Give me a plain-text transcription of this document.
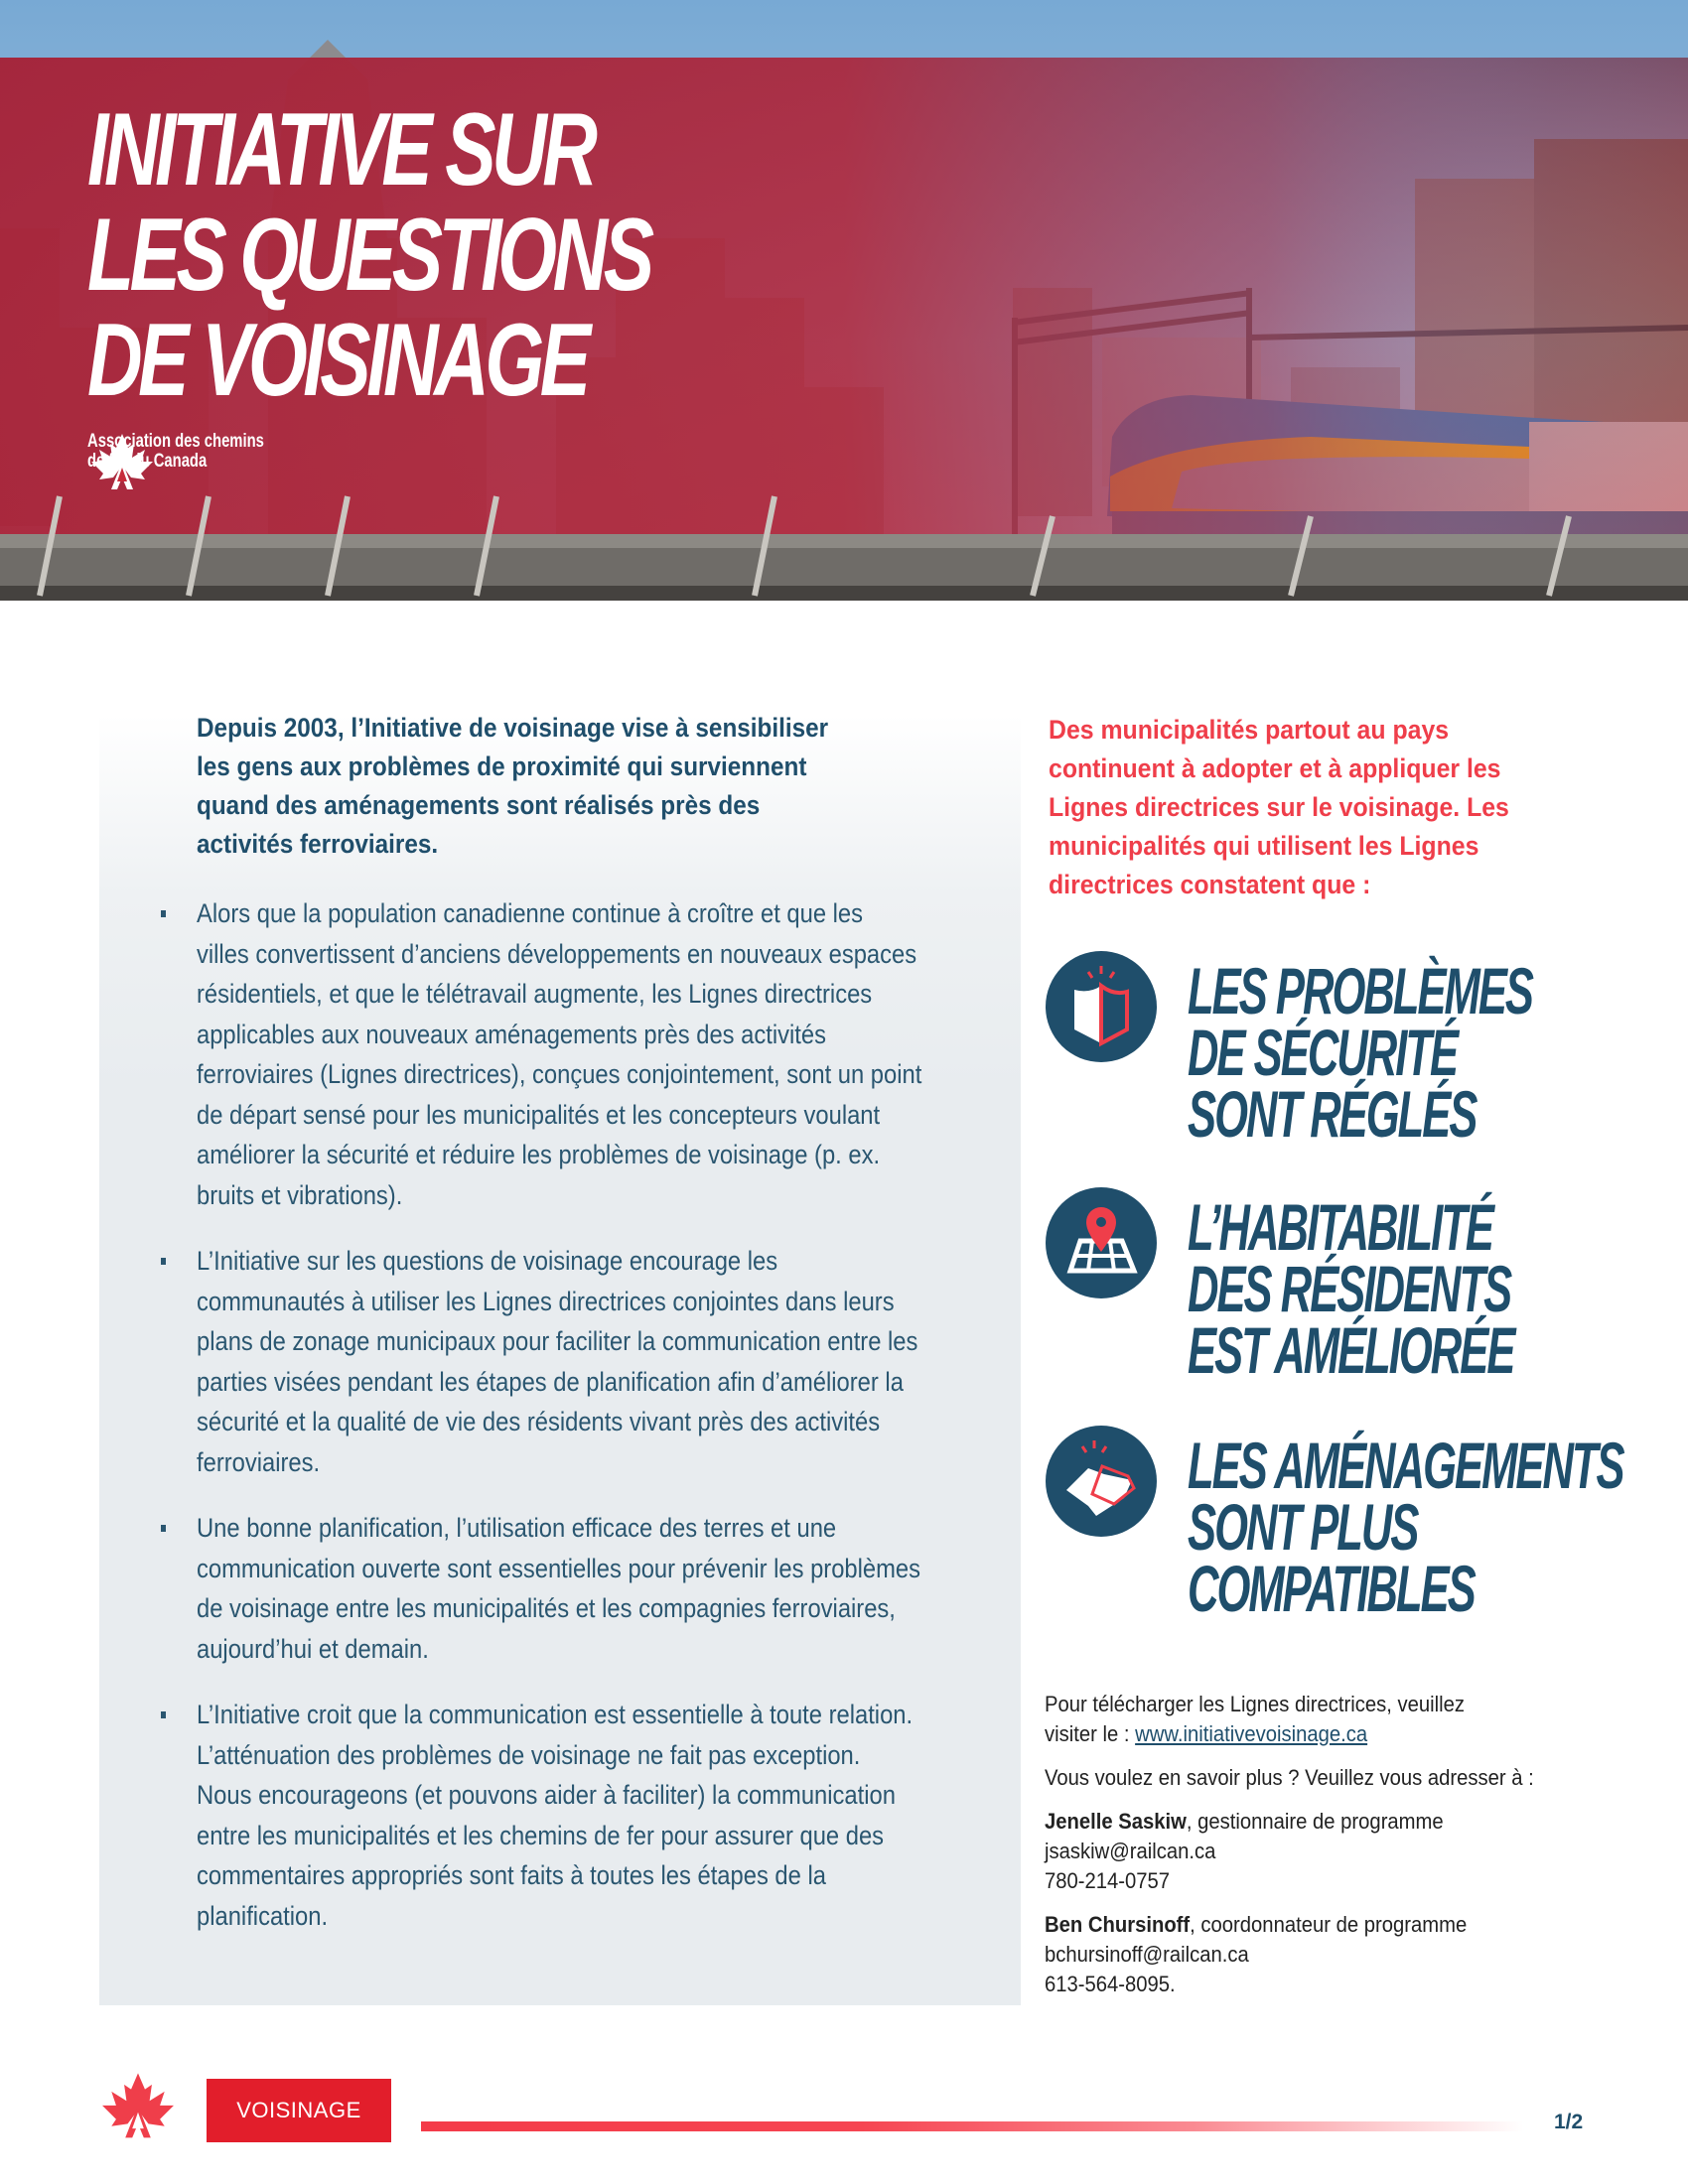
INITIATIVE SUR
LES QUESTIONS
DE VOISINAGE
Association des chemins
de fer du Canada

Depuis 2003, l’Initiative de voisinage vise à sensibiliser les gens aux problèmes de proximité qui surviennent quand des aménagements sont réalisés près des activités ferroviaires.

Alors que la population canadienne continue à croître et que les villes convertissent d’anciens développements en nouveaux espaces résidentiels, et que le télétravail augmente, les Lignes directrices applicables aux nouveaux aménagements près des activités ferroviaires (Lignes directrices), conçues conjointement, sont un point de départ sensé pour les municipalités et les concepteurs voulant améliorer la sécurité et réduire les problèmes de voisinage (p. ex. bruits et vibrations).
L’Initiative sur les questions de voisinage encourage les communautés à utiliser les Lignes directrices conjointes dans leurs plans de zonage municipaux pour faciliter la communication entre les parties visées pendant les étapes de planification afin d’améliorer la sécurité et la qualité de vie des résidents vivant près des activités ferroviaires.
Une bonne planification, l’utilisation efficace des terres et une communication ouverte sont essentielles pour prévenir les problèmes de voisinage entre les municipalités et les compagnies ferroviaires, aujourd’hui et demain.
L’Initiative croit que la communication est essentielle à toute relation. L’atténuation des problèmes de voisinage ne fait pas exception. Nous encourageons (et pouvons aider à faciliter) la communication entre les municipalités et les chemins de fer pour assurer que des commentaires appropriés sont faits à toutes les étapes de la planification.

Des municipalités partout au pays continuent à adopter et à appliquer les Lignes directrices sur le voisinage. Les municipalités qui utilisent les Lignes directrices constatent que :

LES PROBLÈMES
DE SÉCURITÉ
SONT RÉGLÉS
L’HABITABILITÉ
DES RÉSIDENTS
EST AMÉLIORÉE
LES AMÉNAGEMENTS
SONT PLUS
COMPATIBLES

Pour télécharger les Lignes directrices, veuillez
visiter le : www.initiativevoisinage.ca

Vous voulez en savoir plus ? Veuillez vous adresser à :

Jenelle Saskiw, gestionnaire de programme
jsaskiw@railcan.ca
780-214-0757

Ben Chursinoff, coordonnateur de programme
bchursinoff@railcan.ca
613-564-8095.

VOISINAGE	1/2
